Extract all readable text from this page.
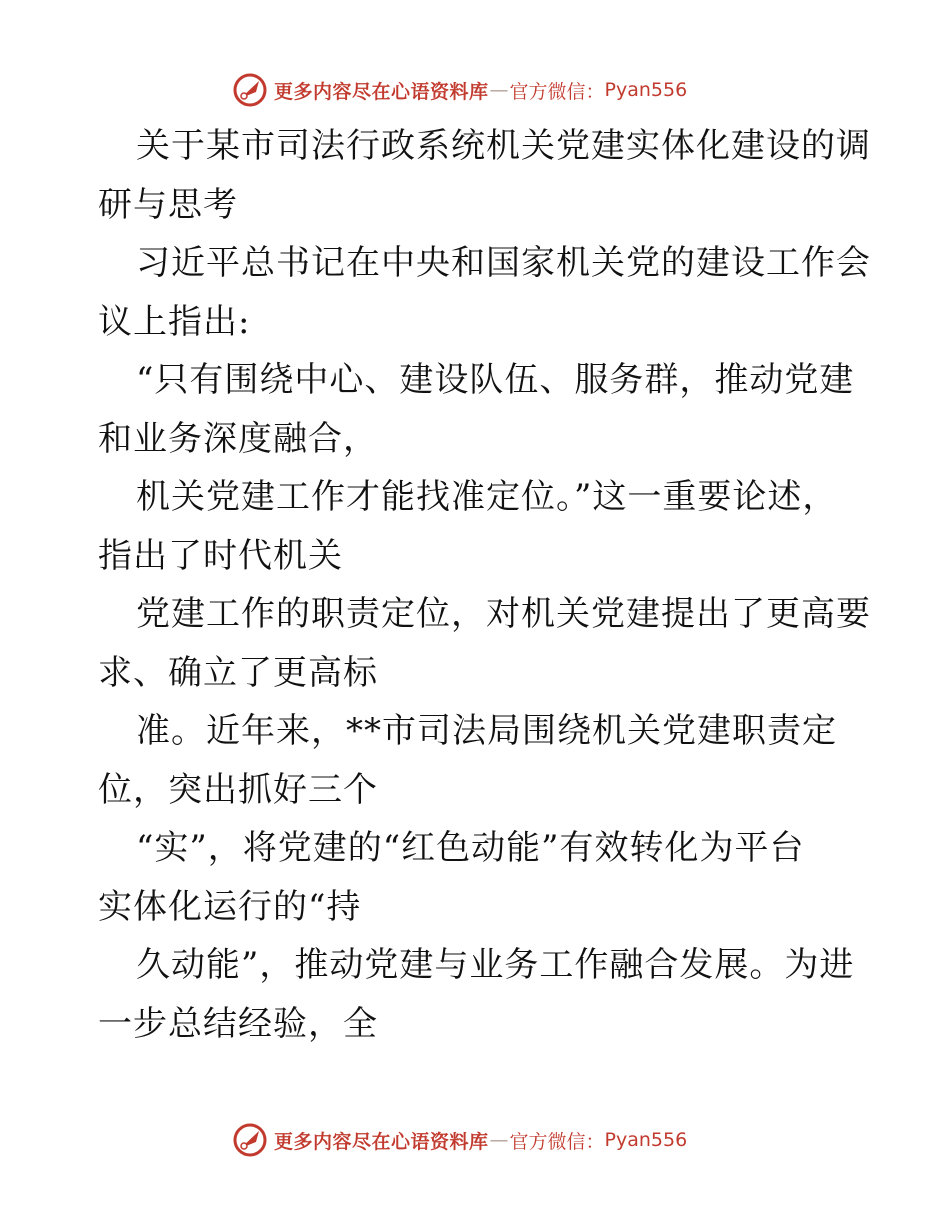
更多内容尽在心语资料库 — 官方微信： Pyan556
关于某市司法行政系统机关党建实体化建设的调
研与思考
习近平总书记在中央和国家机关党的建设工作会
议上指出:
“只有围绕中心、建设队伍、服务群，推动党建
和业务深度融合，
机关党建工作才能找准定位。”这一重要论述，
指出了时代机关
党建工作的职责定位，对机关党建提出了更高要
求、确立了更高标
准。近年来，**市司法局围绕机关党建职责定
位，突出抓好三个
“实”，将党建的“红色动能”有效转化为平台
实体化运行的“持
久动能”，推动党建与业务工作融合发展。为进
一步总结经验，全
更多内容尽在心语资料库 — 官方微信： Pyan556
